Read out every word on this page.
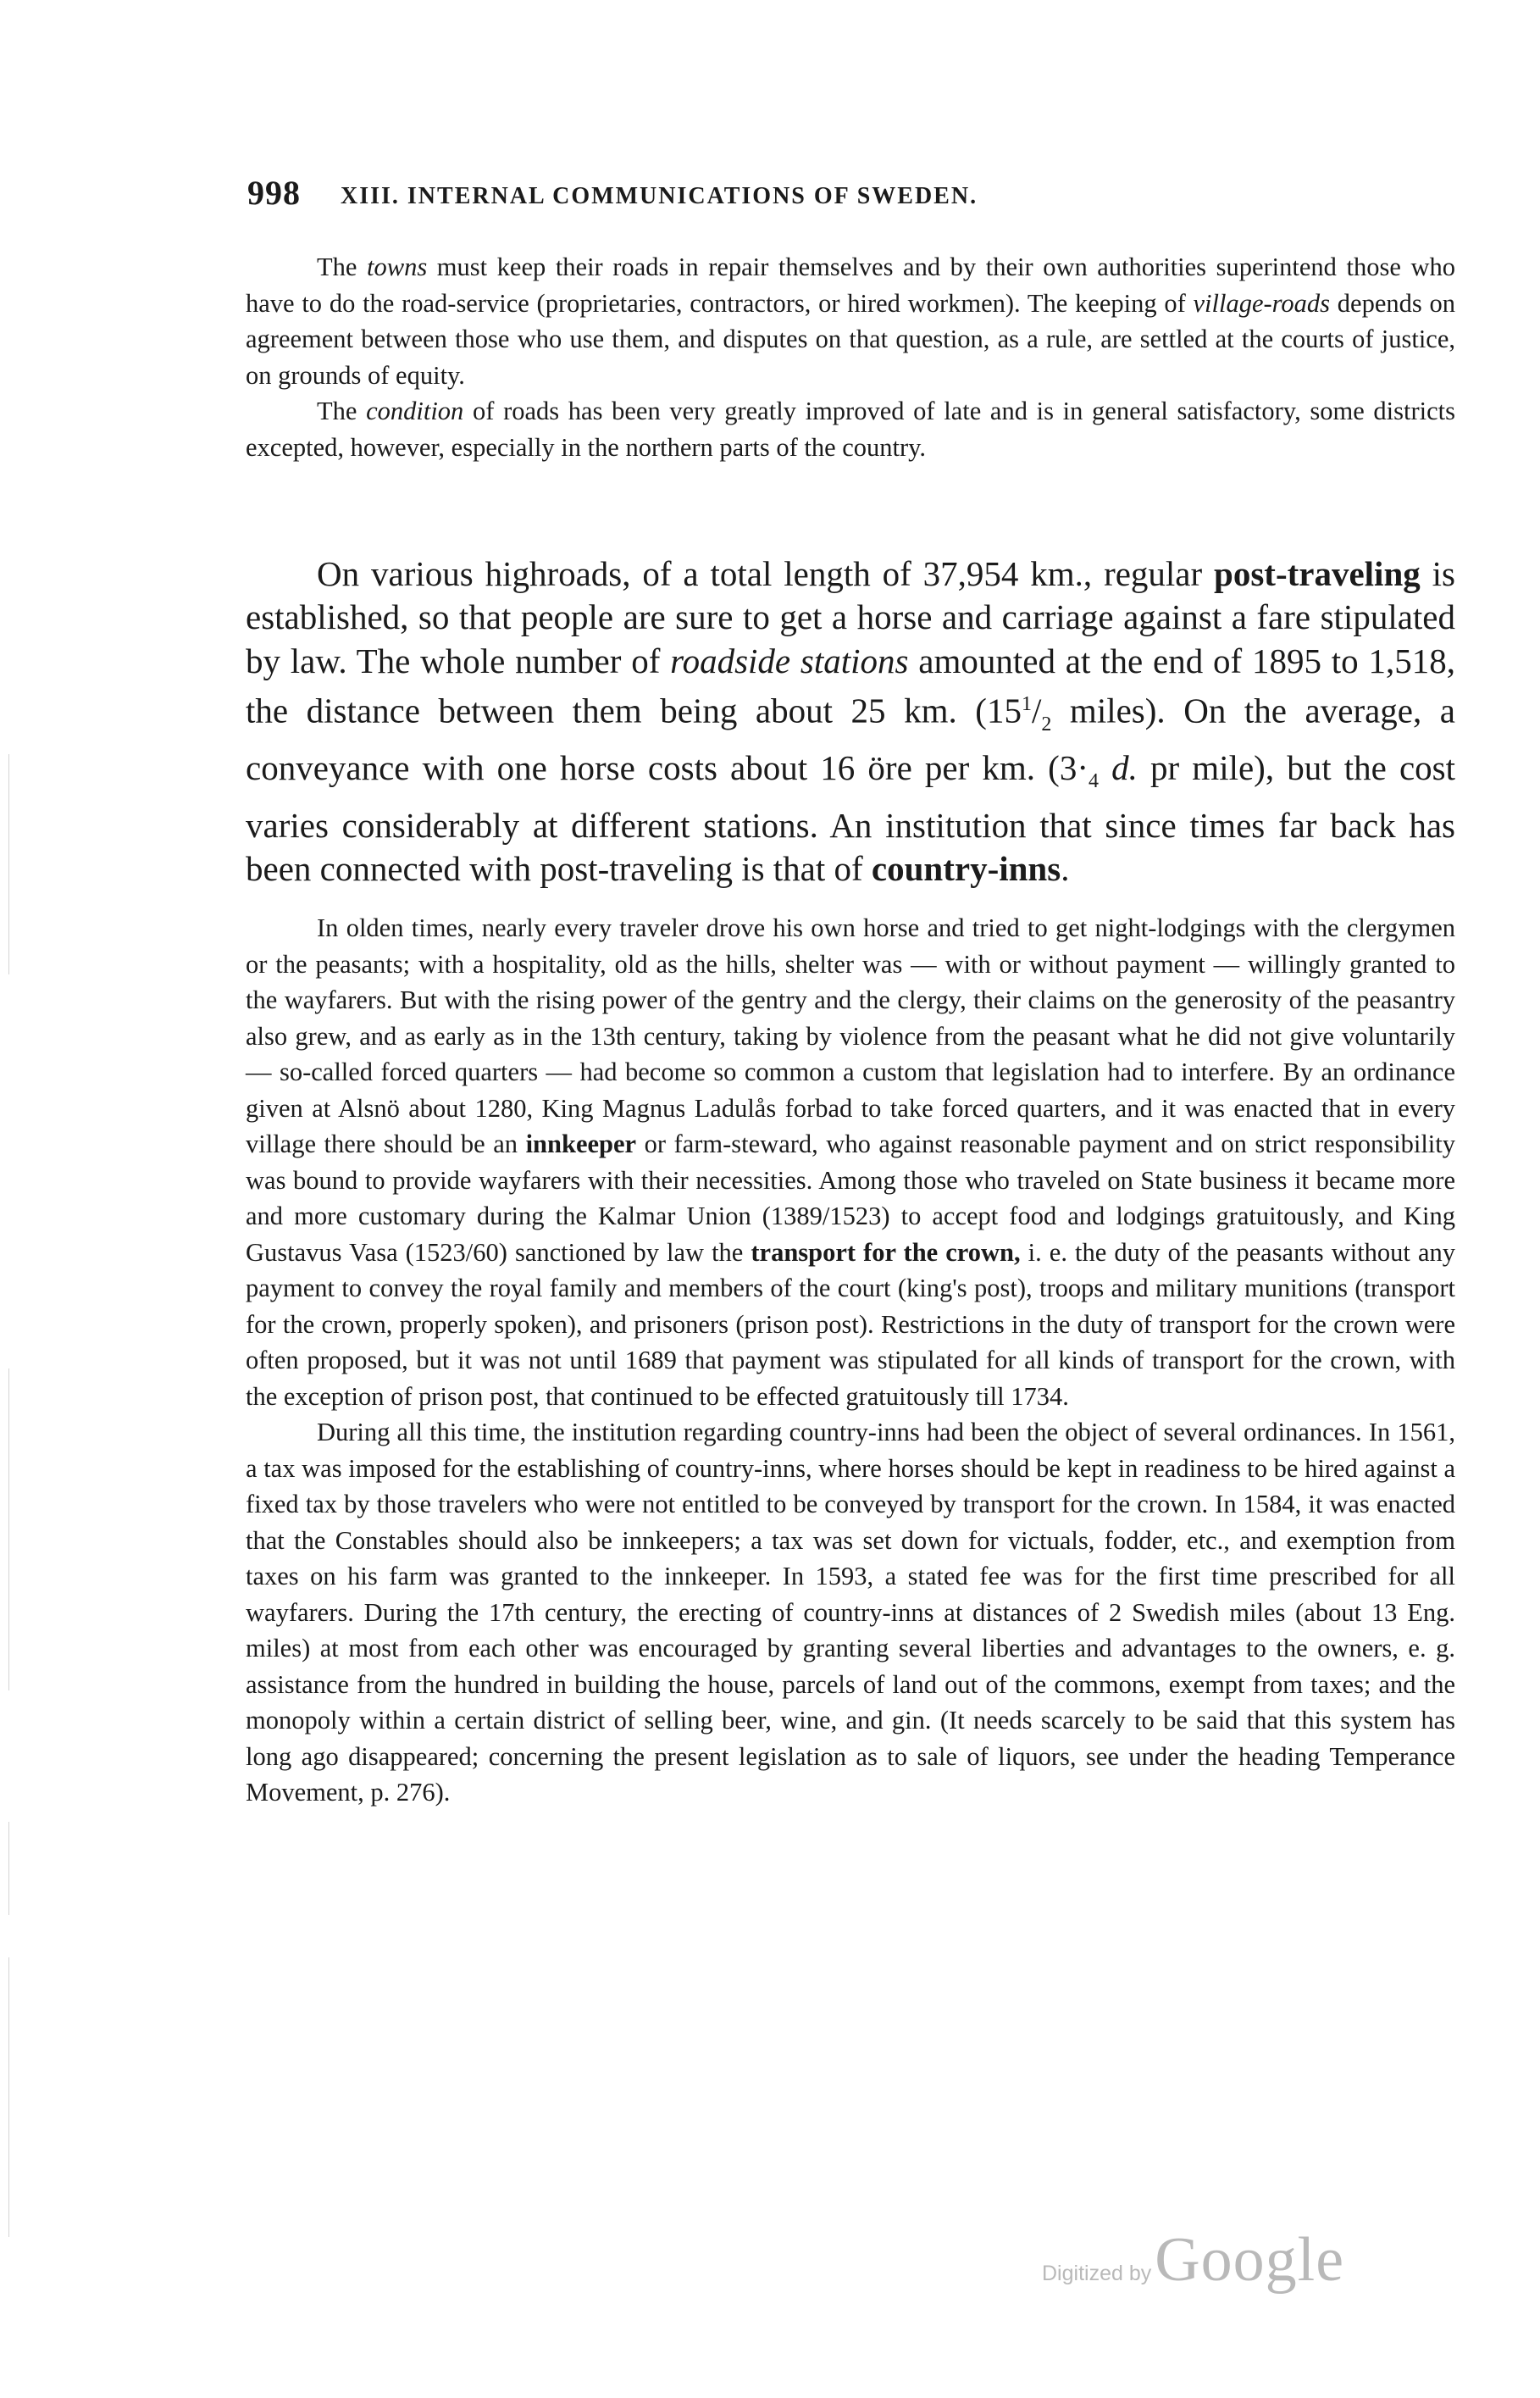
998 XIII. INTERNAL COMMUNICATIONS OF SWEDEN.

The towns must keep their roads in repair themselves and by their own authorities superintend those who have to do the road-service (proprietaries, contractors, or hired workmen). The keeping of village-roads depends on agreement between those who use them, and disputes on that question, as a rule, are settled at the courts of justice, on grounds of equity.

The condition of roads has been very greatly improved of late and is in general satisfactory, some districts excepted, however, especially in the northern parts of the country.

On various highroads, of a total length of 37,954 km., regular post-traveling is established, so that people are sure to get a horse and carriage against a fare stipulated by law. The whole number of roadside stations amounted at the end of 1895 to 1,518, the distance between them being about 25 km. ($15^1/_2$ miles). On the average, a conveyance with one horse costs about 16 öre per km. ($3\cdot_4$ d. pr mile), but the cost varies considerably at different stations. An institution that since times far back has been connected with post-traveling is that of country-inns.

In olden times, nearly every traveler drove his own horse and tried to get night-lodgings with the clergymen or the peasants; with a hospitality, old as the hills, shelter was — with or without payment — willingly granted to the wayfarers. But with the rising power of the gentry and the clergy, their claims on the generosity of the peasantry also grew, and as early as in the 13th century, taking by violence from the peasant what he did not give voluntarily — so-called forced quarters — had become so common a custom that legislation had to interfere. By an ordinance given at Alsnö about 1280, King Magnus Ladulås forbad to take forced quarters, and it was enacted that in every village there should be an innkeeper or farm-steward, who against reasonable payment and on strict responsibility was bound to provide wayfarers with their necessities. Among those who traveled on State business it became more and more customary during the Kalmar Union (1389/1523) to accept food and lodgings gratuitously, and King Gustavus Vasa (1523/60) sanctioned by law the transport for the crown, i. e. the duty of the peasants without any payment to convey the royal family and members of the court (king's post), troops and military munitions (transport for the crown, properly spoken), and prisoners (prison post). Restrictions in the duty of transport for the crown were often proposed, but it was not until 1689 that payment was stipulated for all kinds of transport for the crown, with the exception of prison post, that continued to be effected gratuitously till 1734.

During all this time, the institution regarding country-inns had been the object of several ordinances. In 1561, a tax was imposed for the establishing of country-inns, where horses should be kept in readiness to be hired against a fixed tax by those travelers who were not entitled to be conveyed by transport for the crown. In 1584, it was enacted that the Constables should also be innkeepers; a tax was set down for victuals, fodder, etc., and exemption from taxes on his farm was granted to the innkeeper. In 1593, a stated fee was for the first time prescribed for all wayfarers. During the 17th century, the erecting of country-inns at distances of 2 Swedish miles (about 13 Eng. miles) at most from each other was encouraged by granting several liberties and advantages to the owners, e. g. assistance from the hundred in building the house, parcels of land out of the commons, exempt from taxes; and the monopoly within a certain district of selling beer, wine, and gin. (It needs scarcely to be said that this system has long ago disappeared; concerning the present legislation as to sale of liquors, see under the heading Temperance Movement, p. 276).

Digitized by Google
